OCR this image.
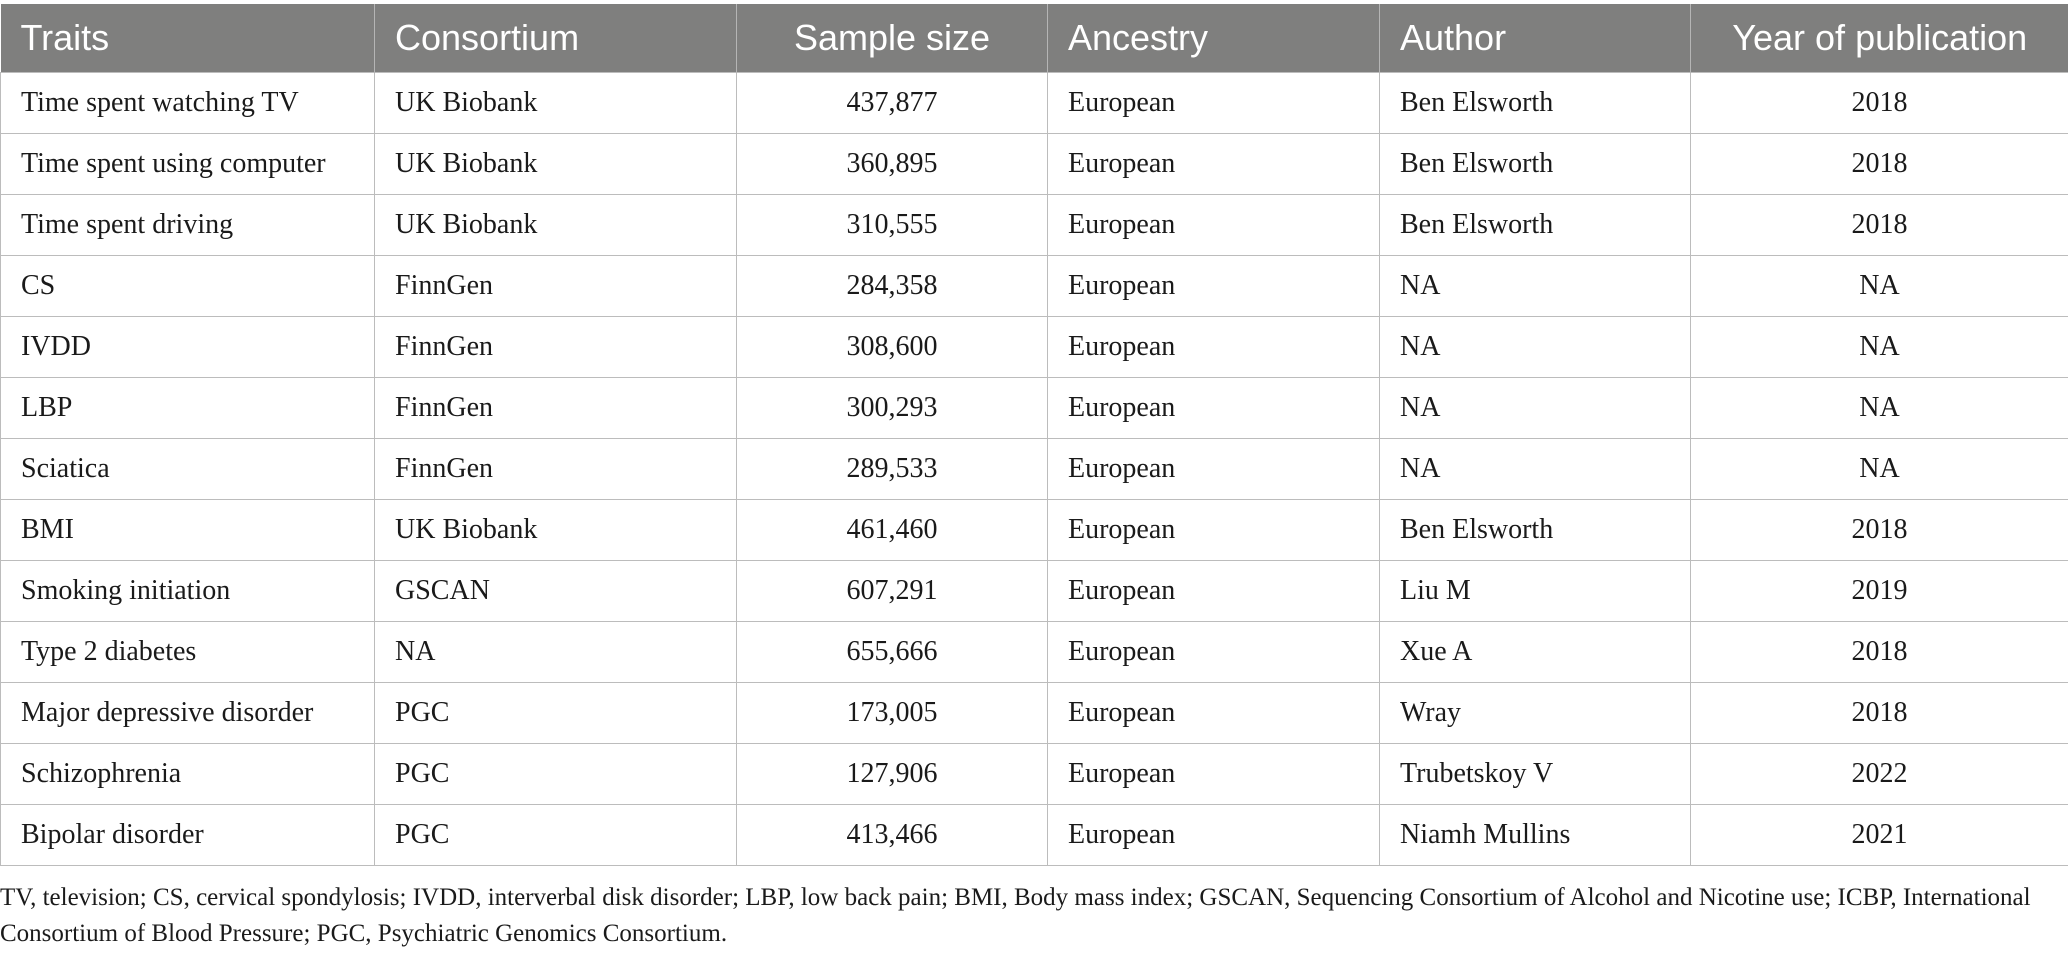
Traits	Consortium	Sample size	Ancestry	Author	Year of publication
Time spent watching TV	UK Biobank	437,877	European	Ben Elsworth	2018
Time spent using computer	UK Biobank	360,895	European	Ben Elsworth	2018
Time spent driving	UK Biobank	310,555	European	Ben Elsworth	2018
CS	FinnGen	284,358	European	NA	NA
IVDD	FinnGen	308,600	European	NA	NA
LBP	FinnGen	300,293	European	NA	NA
Sciatica	FinnGen	289,533	European	NA	NA
BMI	UK Biobank	461,460	European	Ben Elsworth	2018
Smoking initiation	GSCAN	607,291	European	Liu M	2019
Type 2 diabetes	NA	655,666	European	Xue A	2018
Major depressive disorder	PGC	173,005	European	Wray	2018
Schizophrenia	PGC	127,906	European	Trubetskoy V	2022
Bipolar disorder	PGC	413,466	European	Niamh Mullins	2021
TV, television; CS, cervical spondylosis; IVDD, interverbal disk disorder; LBP, low back pain; BMI, Body mass index; GSCAN, Sequencing Consortium of Alcohol and Nicotine use; ICBP, International Consortium of Blood Pressure; PGC, Psychiatric Genomics Consortium.
